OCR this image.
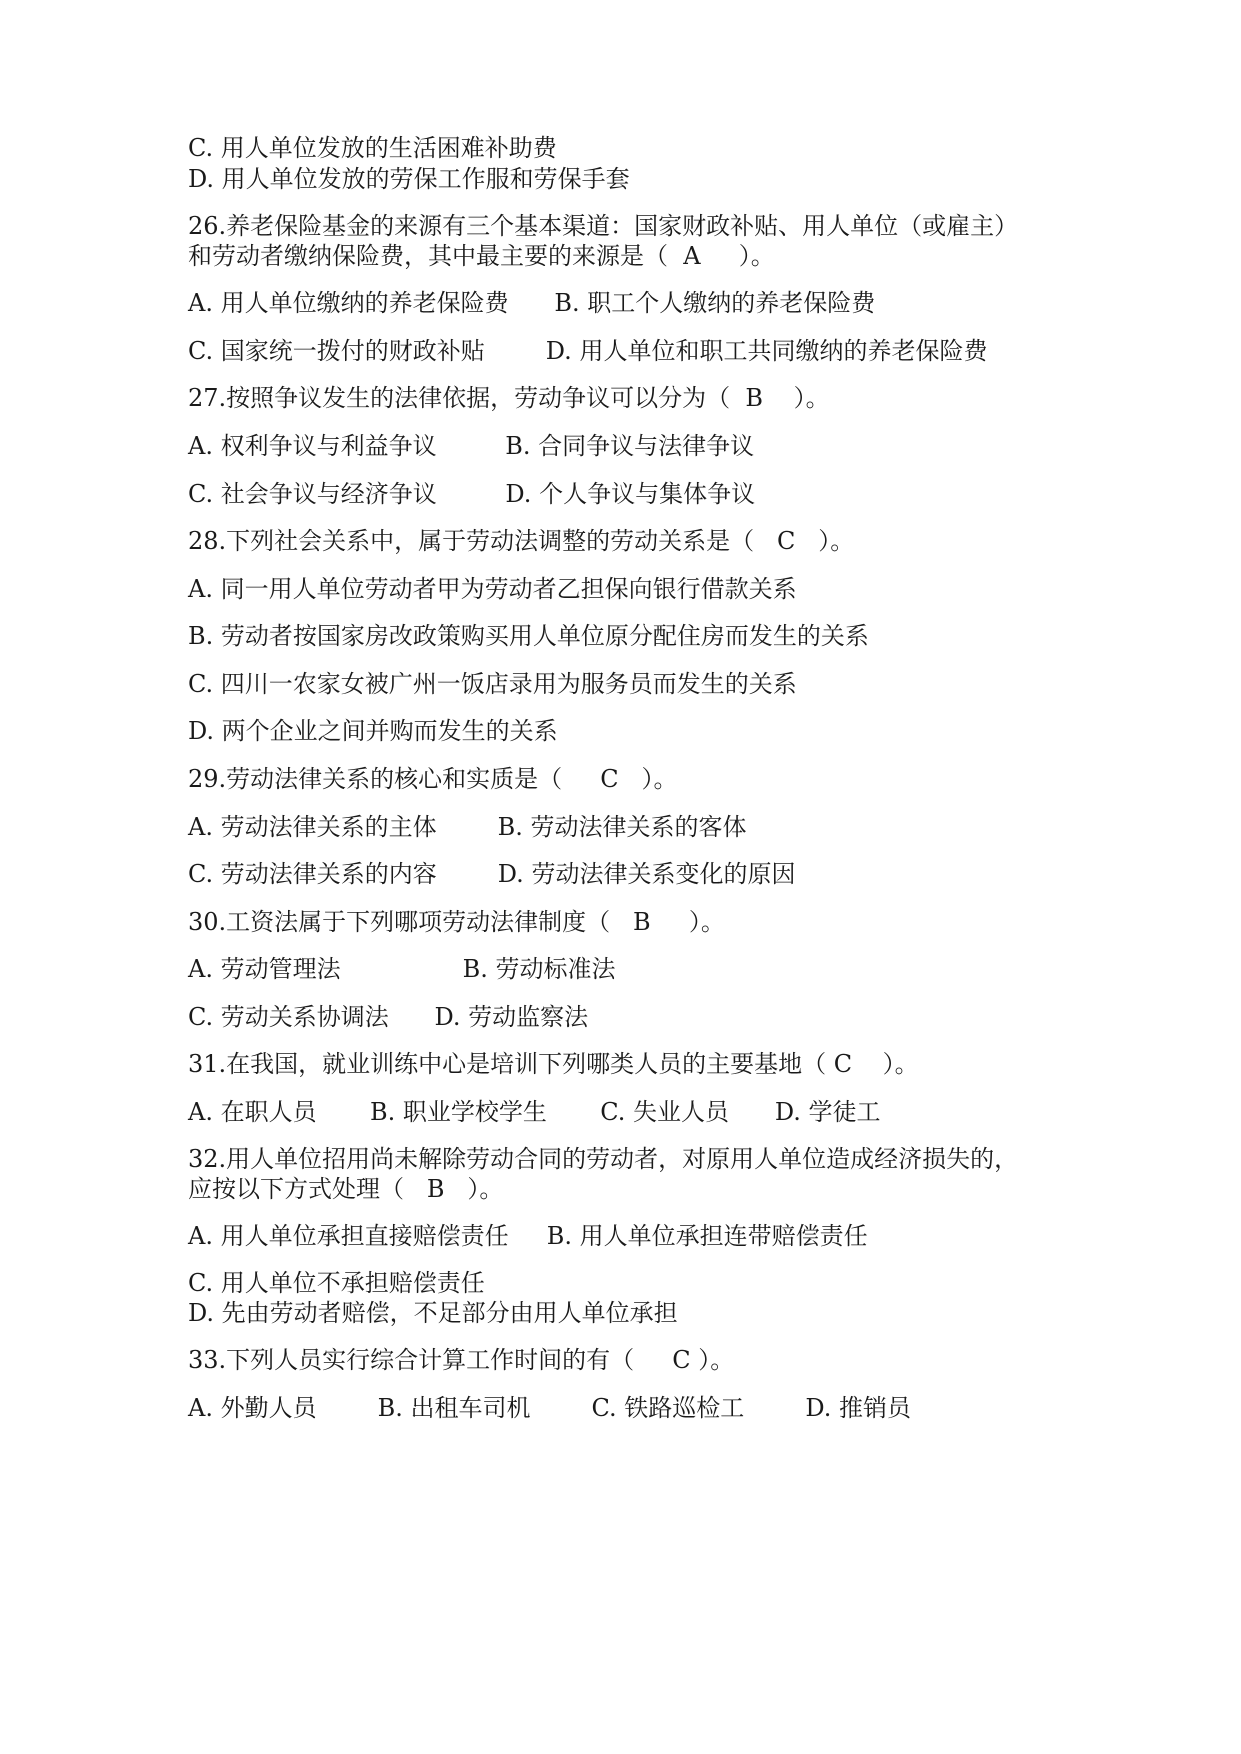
C. 用人单位发放的生活困难补助费
D. 用人单位发放的劳保工作服和劳保手套
26.养老保险基金的来源有三个基本渠道：国家财政补贴、用人单位（或雇主）
和劳动者缴纳保险费，其中最主要的来源是（  A     ）。
A. 用人单位缴纳的养老保险费      B. 职工个人缴纳的养老保险费
C. 国家统一拨付的财政补贴        D. 用人单位和职工共同缴纳的养老保险费
27.按照争议发生的法律依据，劳动争议可以分为（  B    ）。
A. 权利争议与利益争议         B. 合同争议与法律争议
C. 社会争议与经济争议         D. 个人争议与集体争议
28.下列社会关系中，属于劳动法调整的劳动关系是（   C   ）。
A. 同一用人单位劳动者甲为劳动者乙担保向银行借款关系
B. 劳动者按国家房改政策购买用人单位原分配住房而发生的关系
C. 四川一农家女被广州一饭店录用为服务员而发生的关系
D. 两个企业之间并购而发生的关系
29.劳动法律关系的核心和实质是（     C   ）。
A. 劳动法律关系的主体        B. 劳动法律关系的客体
C. 劳动法律关系的内容        D. 劳动法律关系变化的原因
30.工资法属于下列哪项劳动法律制度（   B     ）。
A. 劳动管理法                B. 劳动标准法
C. 劳动关系协调法      D. 劳动监察法
31.在我国，就业训练中心是培训下列哪类人员的主要基地（ C    ）。
A. 在职人员       B. 职业学校学生       C. 失业人员      D. 学徒工
32.用人单位招用尚未解除劳动合同的劳动者，对原用人单位造成经济损失的，
应按以下方式处理（   B   ）。
A. 用人单位承担直接赔偿责任     B. 用人单位承担连带赔偿责任
C. 用人单位不承担赔偿责任
D. 先由劳动者赔偿，不足部分由用人单位承担
33.下列人员实行综合计算工作时间的有（     C ）。
A. 外勤人员        B. 出租车司机        C. 铁路巡检工        D. 推销员
